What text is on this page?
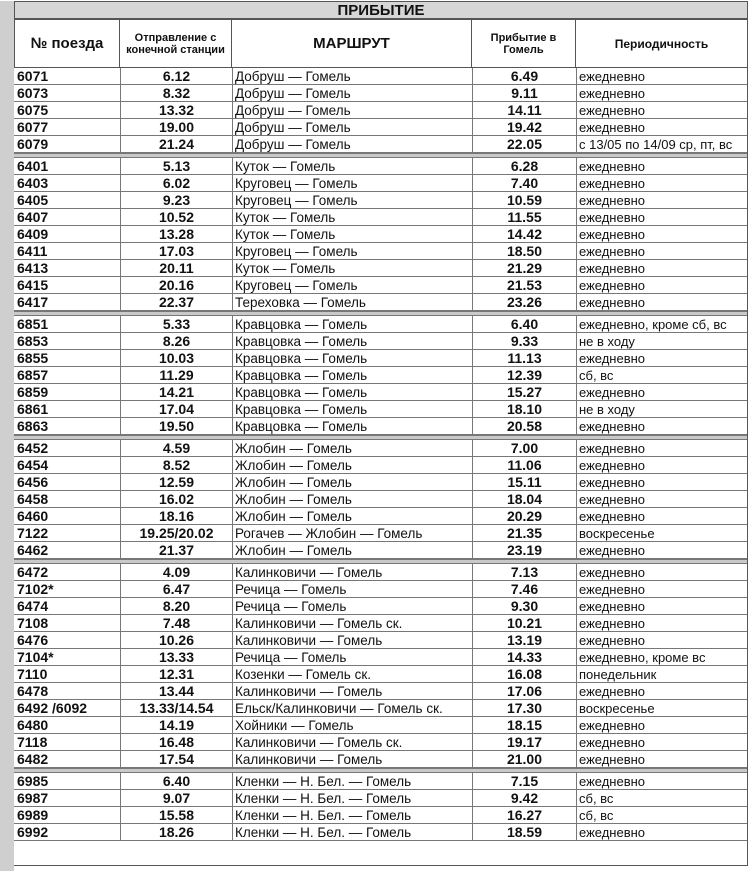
ПРИБЫТИЕ
№ поезда	Отправление с конечной станции	МАРШРУТ	Прибытие в Гомель	Периодичность
6071	6.12	Добруш — Гомель	6.49	ежедневно
6073	8.32	Добруш — Гомель	9.11	ежедневно
6075	13.32	Добруш — Гомель	14.11	ежедневно
6077	19.00	Добруш — Гомель	19.42	ежедневно
6079	21.24	Добруш — Гомель	22.05	с 13/05 по 14/09 ср, пт, вс
6401	5.13	Куток — Гомель	6.28	ежедневно
6403	6.02	Круговец — Гомель	7.40	ежедневно
6405	9.23	Круговец — Гомель	10.59	ежедневно
6407	10.52	Куток — Гомель	11.55	ежедневно
6409	13.28	Куток — Гомель	14.42	ежедневно
6411	17.03	Круговец — Гомель	18.50	ежедневно
6413	20.11	Куток — Гомель	21.29	ежедневно
6415	20.16	Круговец — Гомель	21.53	ежедневно
6417	22.37	Тереховка — Гомель	23.26	ежедневно
6851	5.33	Кравцовка — Гомель	6.40	ежедневно, кроме сб, вс
6853	8.26	Кравцовка — Гомель	9.33	не в ходу
6855	10.03	Кравцовка — Гомель	11.13	ежедневно
6857	11.29	Кравцовка — Гомель	12.39	сб, вс
6859	14.21	Кравцовка — Гомель	15.27	ежедневно
6861	17.04	Кравцовка — Гомель	18.10	не в ходу
6863	19.50	Кравцовка — Гомель	20.58	ежедневно
6452	4.59	Жлобин — Гомель	7.00	ежедневно
6454	8.52	Жлобин — Гомель	11.06	ежедневно
6456	12.59	Жлобин — Гомель	15.11	ежедневно
6458	16.02	Жлобин — Гомель	18.04	ежедневно
6460	18.16	Жлобин — Гомель	20.29	ежедневно
7122	19.25/20.02	Рогачев — Жлобин — Гомель	21.35	воскресенье
6462	21.37	Жлобин — Гомель	23.19	ежедневно
6472	4.09	Калинковичи — Гомель	7.13	ежедневно
7102*	6.47	Речица — Гомель	7.46	ежедневно
6474	8.20	Речица — Гомель	9.30	ежедневно
7108	7.48	Калинковичи — Гомель ск.	10.21	ежедневно
6476	10.26	Калинковичи — Гомель	13.19	ежедневно
7104*	13.33	Речица — Гомель	14.33	ежедневно, кроме вс
7110	12.31	Козенки — Гомель ск.	16.08	понедельник
6478	13.44	Калинковичи — Гомель	17.06	ежедневно
6492 /6092	13.33/14.54	Ельск/Калинковичи — Гомель ск.	17.30	воскресенье
6480	14.19	Хойники — Гомель	18.15	ежедневно
7118	16.48	Калинковичи — Гомель ск.	19.17	ежедневно
6482	17.54	Калинковичи — Гомель	21.00	ежедневно
6985	6.40	Кленки — Н. Бел. — Гомель	7.15	ежедневно
6987	9.07	Кленки — Н. Бел. — Гомель	9.42	сб, вс
6989	15.58	Кленки — Н. Бел. — Гомель	16.27	сб, вс
6992	18.26	Кленки — Н. Бел. — Гомель	18.59	ежедневно
